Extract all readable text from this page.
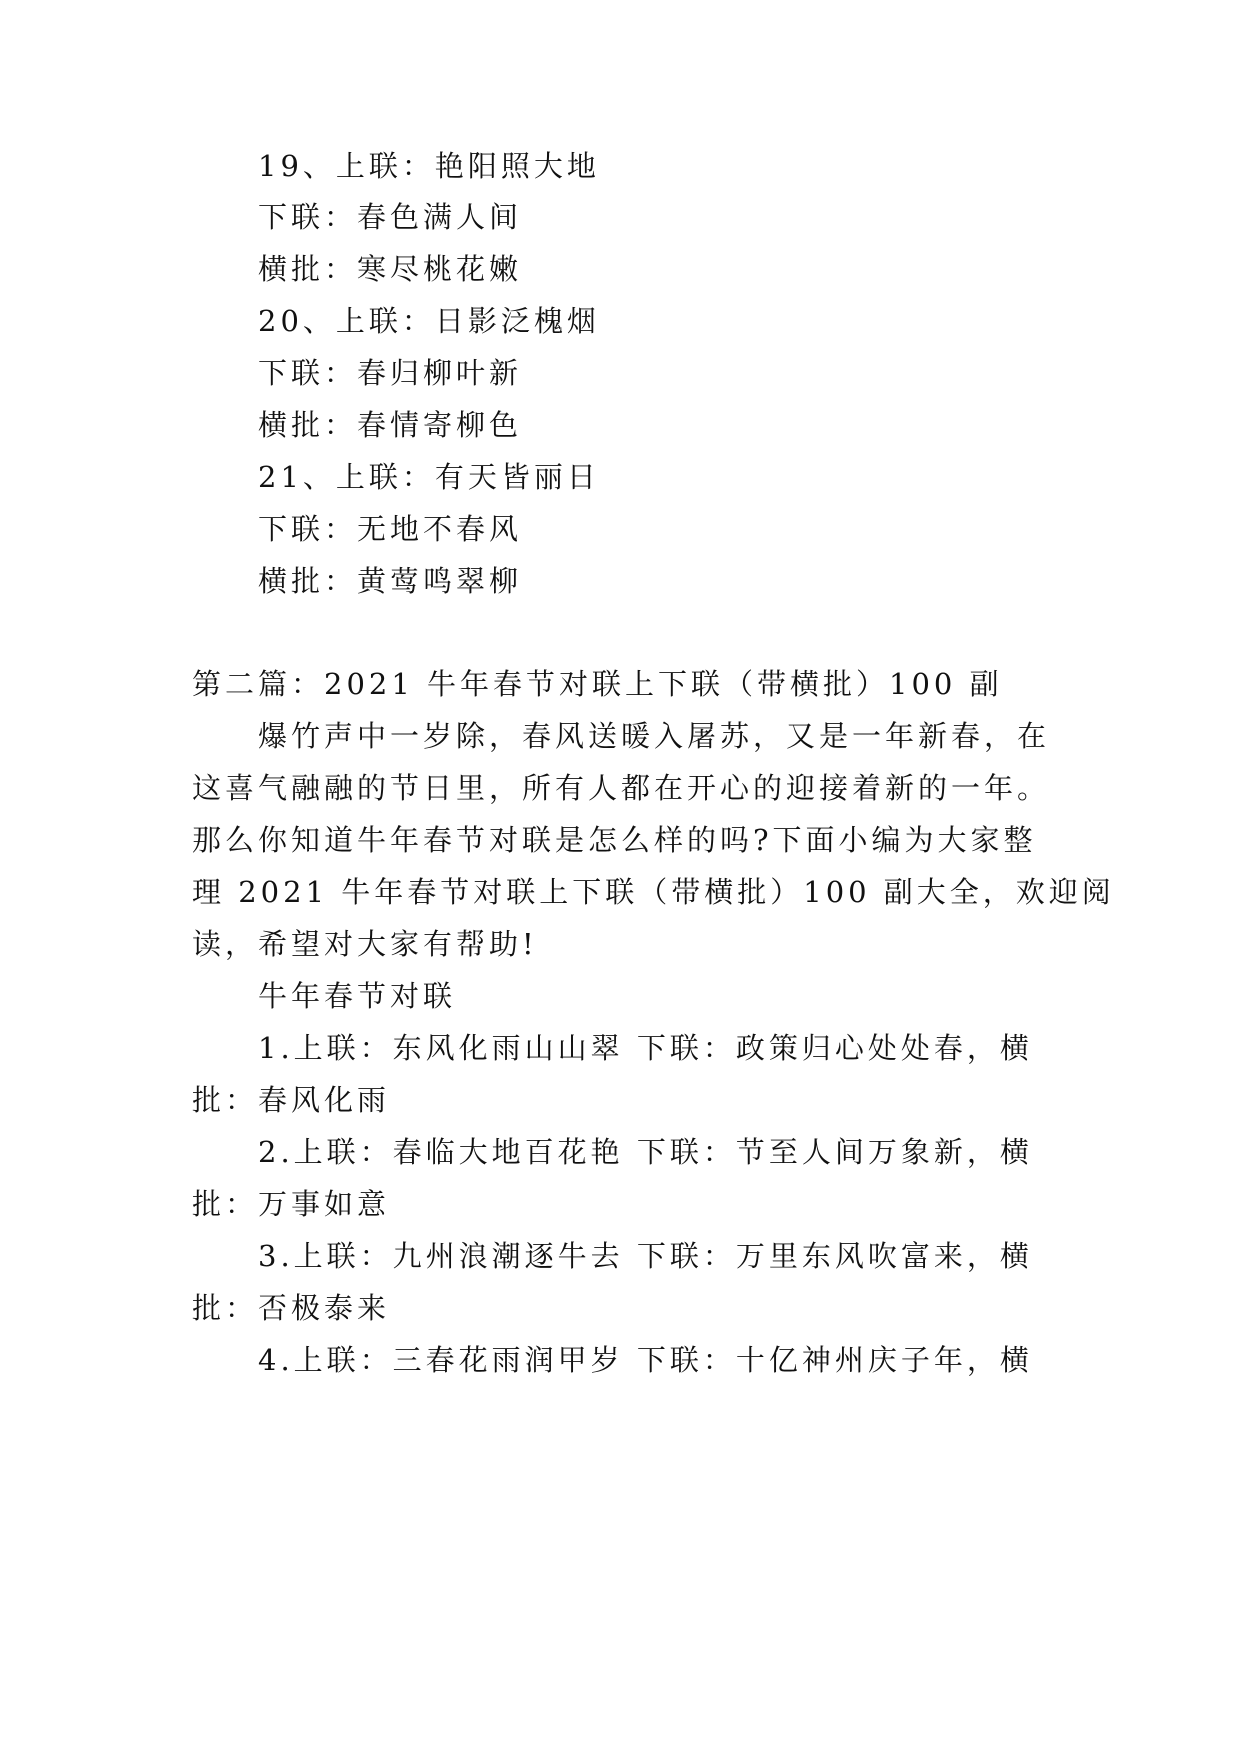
19、上联：艳阳照大地
下联：春色满人间
横批：寒尽桃花嫩
20、上联：日影泛槐烟
下联：春归柳叶新
横批：春情寄柳色
21、上联：有天皆丽日
下联：无地不春风
横批：黄莺鸣翠柳
第二篇：2021 牛年春节对联上下联（带横批）100 副
爆竹声中一岁除，春风送暖入屠苏，又是一年新春，在
这喜气融融的节日里，所有人都在开心的迎接着新的一年。
那么你知道牛年春节对联是怎么样的吗?下面小编为大家整
理 2021 牛年春节对联上下联（带横批）100 副大全，欢迎阅
读，希望对大家有帮助!
牛年春节对联
1.上联：东风化雨山山翠 下联：政策归心处处春，横
批：春风化雨
2.上联：春临大地百花艳 下联：节至人间万象新，横
批：万事如意
3.上联：九州浪潮逐牛去 下联：万里东风吹富来，横
批：否极泰来
4.上联：三春花雨润甲岁 下联：十亿神州庆子年，横
